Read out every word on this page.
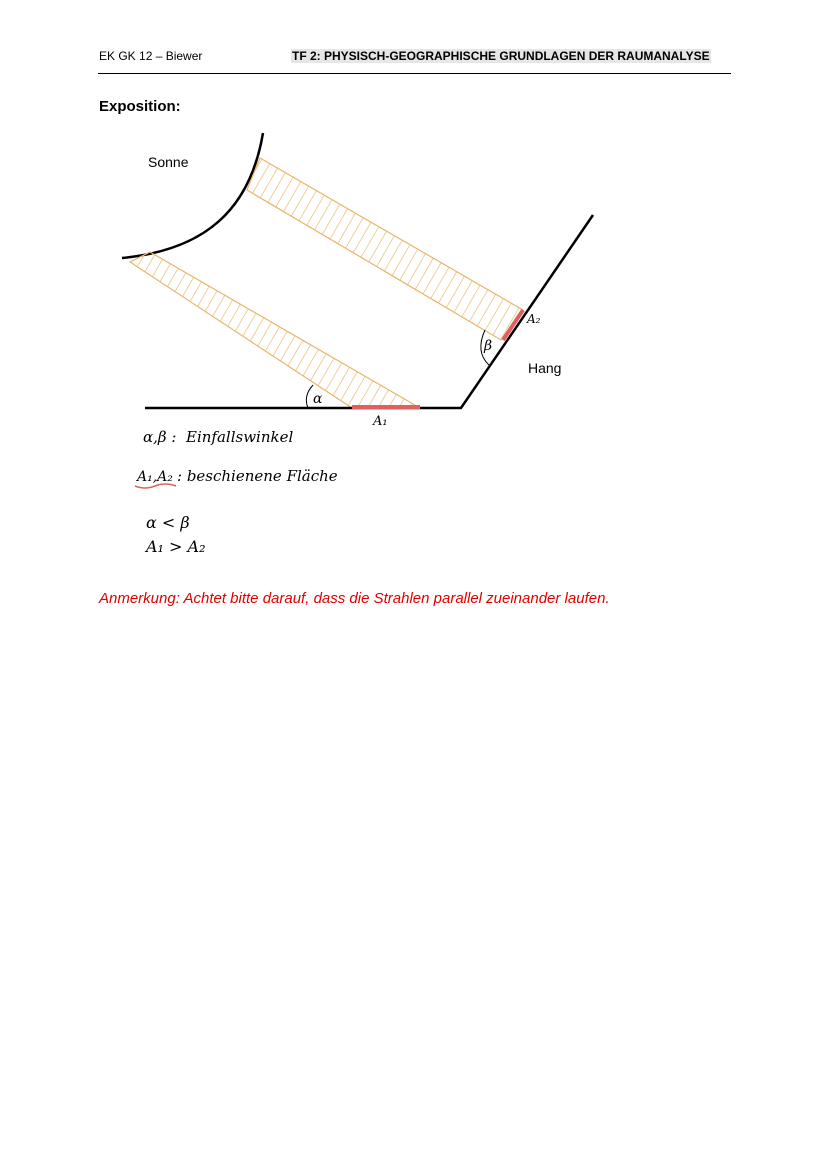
EK GK 12 – Biewer	TF 2: PHYSISCH-GEOGRAPHISCHE GRUNDLAGEN DER RAUMANALYSE
Exposition:
Sonne
Hang
α
β
A₁
A₂
α,β : Einfallswinkel
A₁,A₂ : beschienene Fläche
α < β
A₁ > A₂
Anmerkung: Achtet bitte darauf, dass die Strahlen parallel zueinander laufen.
